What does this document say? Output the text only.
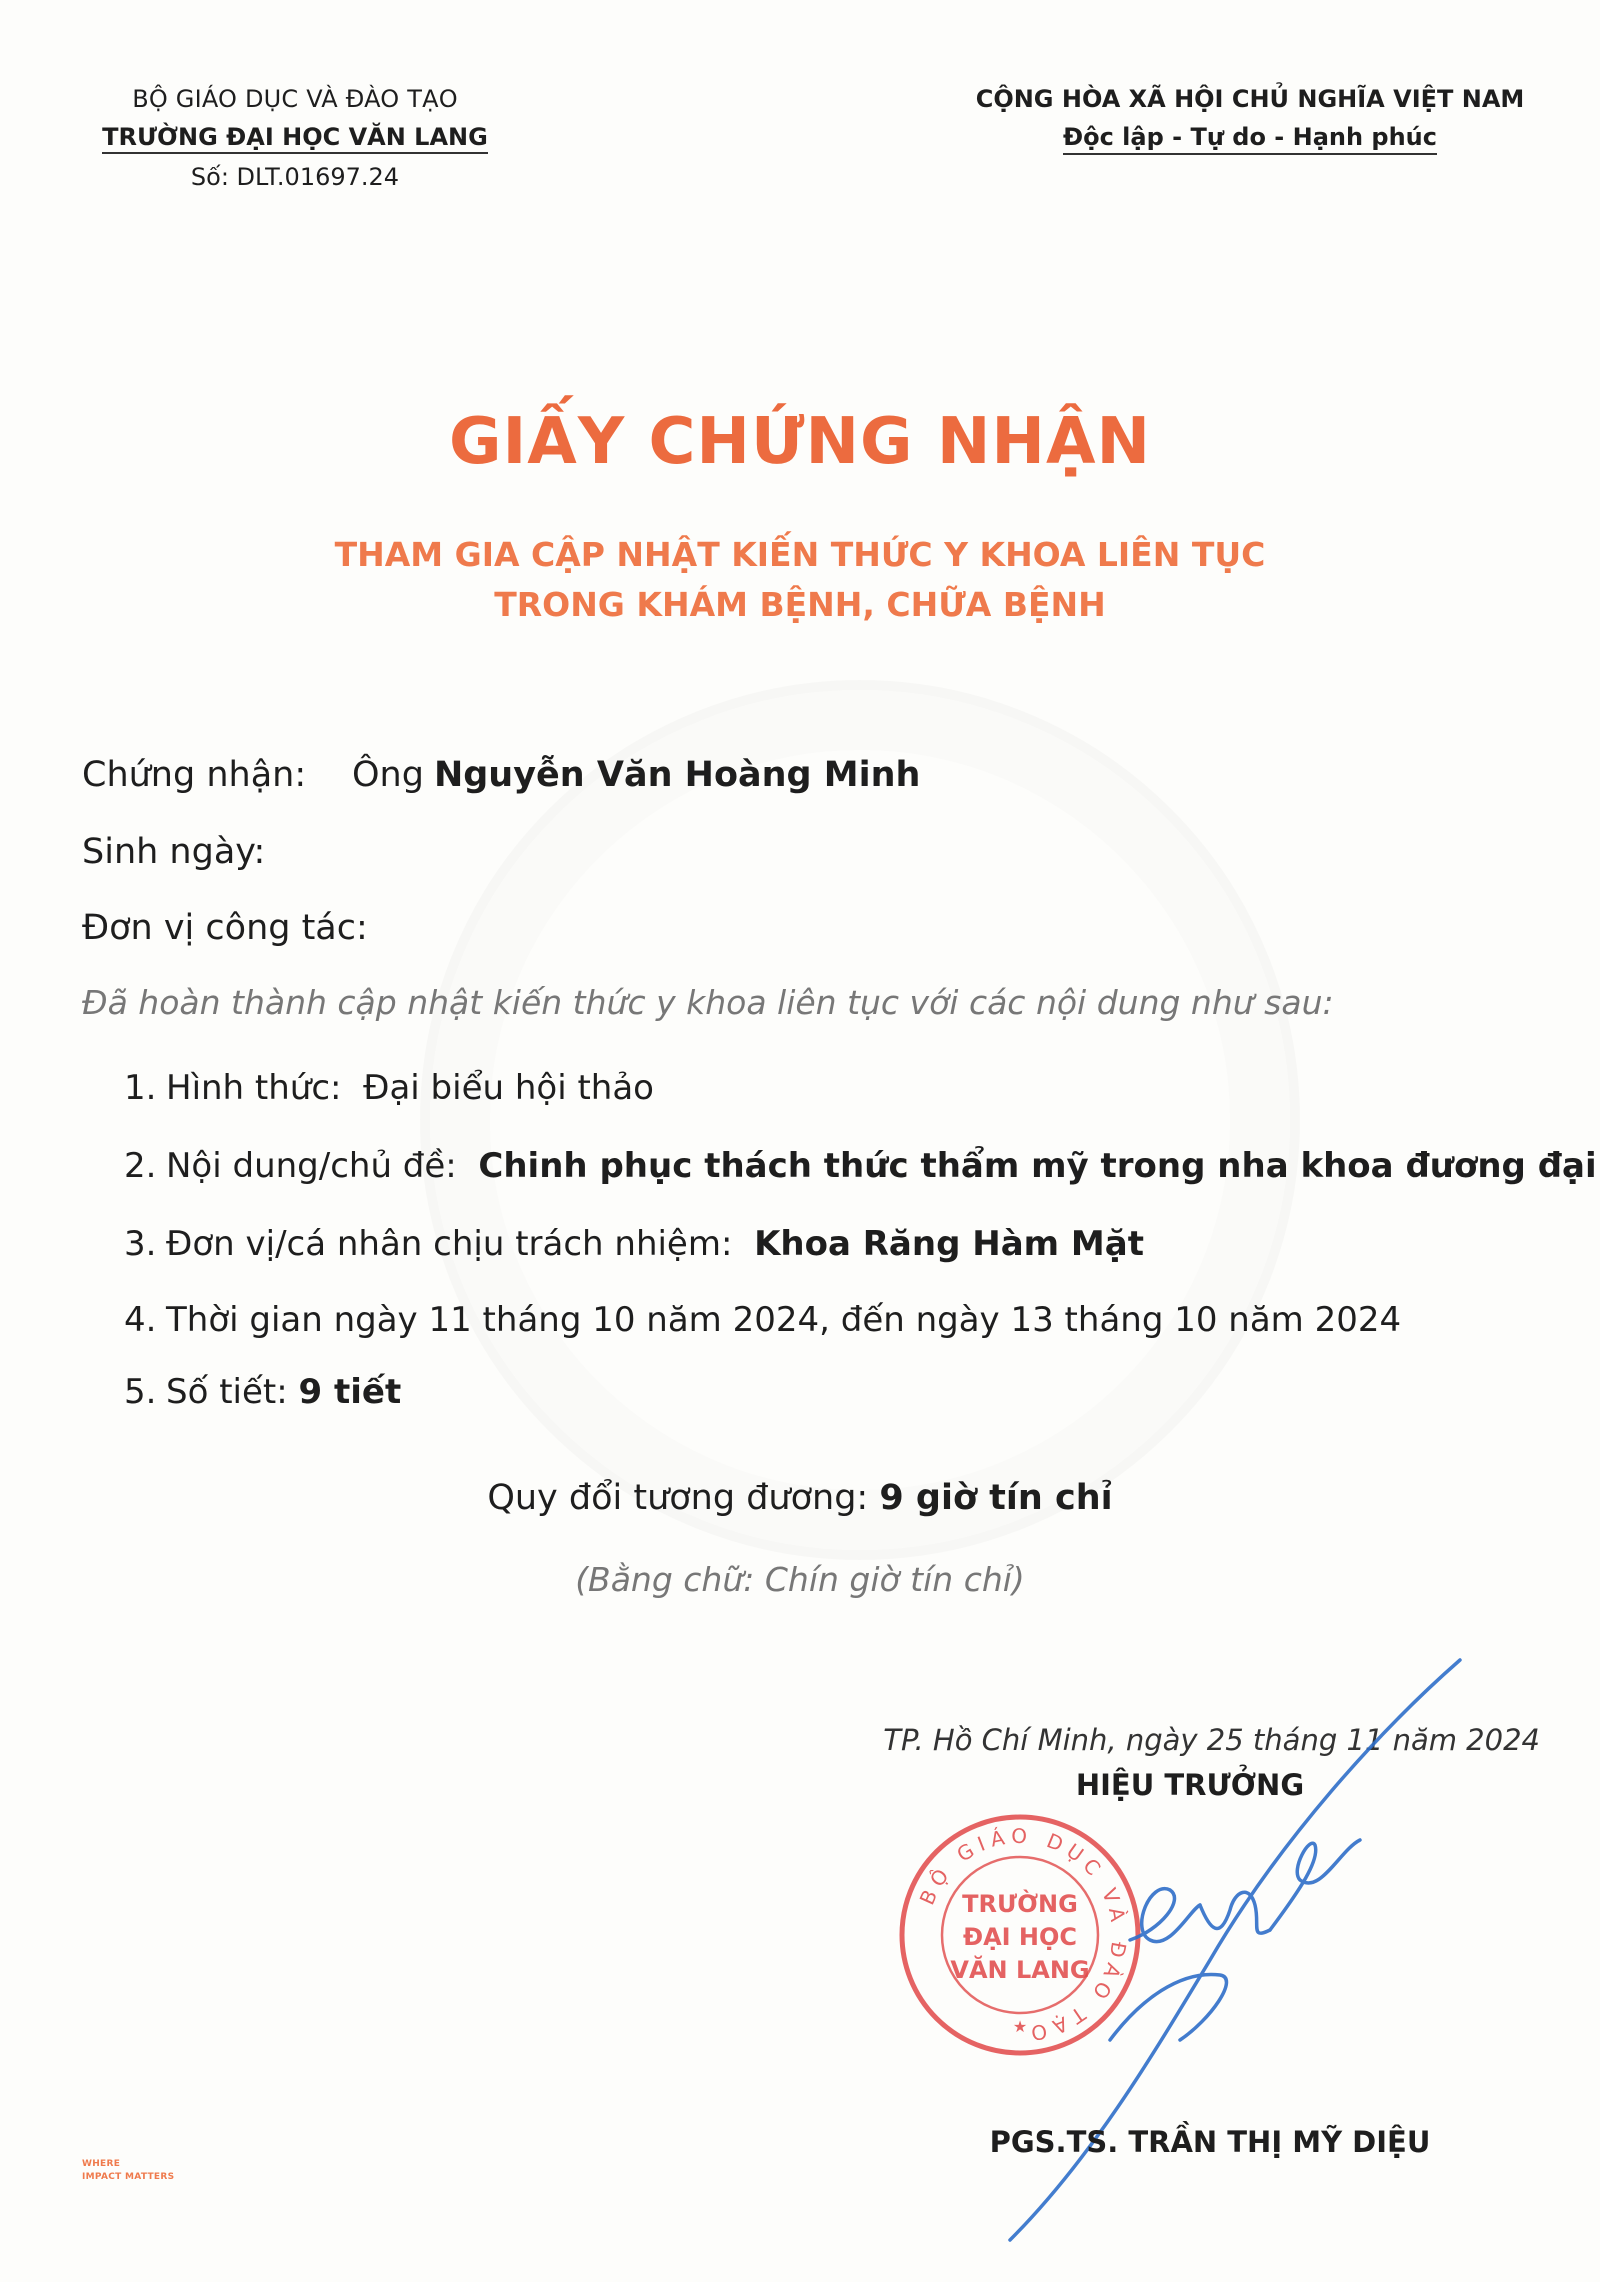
BỘ GIÁO DỤC VÀ ĐÀO TẠO
TRƯỜNG ĐẠI HỌC VĂN LANG
Số: DLT.01697.24
CỘNG HÒA XÃ HỘI CHỦ NGHĨA VIỆT NAM
Độc lập - Tự do - Hạnh phúc
GIẤY CHỨNG NHẬN
THAM GIA CẬP NHẬT KIẾN THỨC Y KHOA LIÊN TỤC
TRONG KHÁM BỆNH, CHỮA BỆNH
Chứng nhận: Ông Nguyễn Văn Hoàng Minh
Sinh ngày:
Đơn vị công tác:
Đã hoàn thành cập nhật kiến thức y khoa liên tục với các nội dung như sau:
1. Hình thức: Đại biểu hội thảo
2. Nội dung/chủ đề: Chinh phục thách thức thẩm mỹ trong nha khoa đương đại
3. Đơn vị/cá nhân chịu trách nhiệm: Khoa Răng Hàm Mặt
4. Thời gian ngày 11 tháng 10 năm 2024, đến ngày 13 tháng 10 năm 2024
5. Số tiết: 9 tiết
Quy đổi tương đương: 9 giờ tín chỉ
(Bằng chữ: Chín giờ tín chỉ)
TP. Hồ Chí Minh, ngày 25 tháng 11 năm 2024
HIỆU TRƯỞNG
BỘ GIÁO DỤC VÀ ĐÀO TẠO
TRƯỜNG
ĐẠI HỌC
VĂN LANG
★
PGS.TS. TRẦN THỊ MỸ DIỆU
WHERE
IMPACT MATTERS
